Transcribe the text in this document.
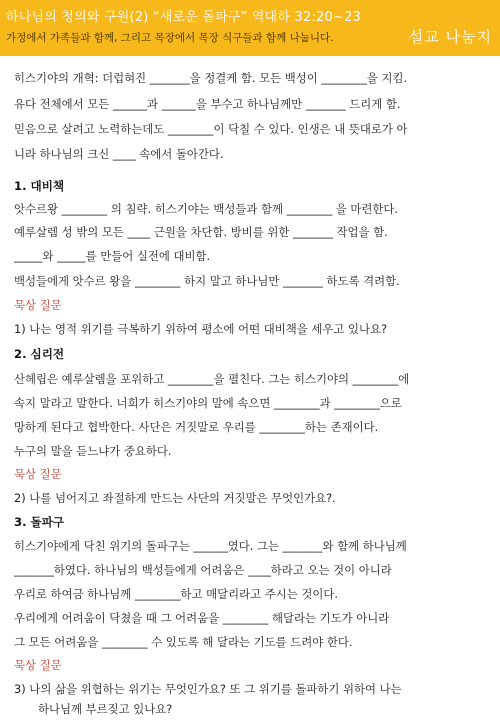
하나님의 청의와 구원(2) “새로운 돌파구” 역대하 32:20~23
가정에서 가족들과 함께, 그리고 목장에서 목장 식구들과 함께 나눕니다.	설교 나눔지
히스기야의 개혁: 더럽혀진 _______을 정결케 함. 모든 백성이 ________을 지킴.
유다 전체에서 모든 ______과 ______을 부수고 하나님께만 _______ 드리게 함.
믿음으로 살려고 노력하는데도 ________이 닥칠 수 있다. 인생은 내 뜻대로가 아
니라 하나님의 크신 ____ 속에서 돌아간다.
1. 대비책
앗수르왕 ________ 의 침략. 히스기야는 백성들과 함께 ________ 을 마련한다.
예루살렘 성 밖의 모든 ____ 근원을 차단함. 방비를 위한 _______ 작업을 함.
_____와 _____를 만들어 실전에 대비함.
백성들에게 앗수르 왕을 ________ 하지 말고 하나님만 _______ 하도록 격려함.
묵상 질문
1) 나는 영적 위기를 극복하기 위하여 평소에 어떤 대비책을 세우고 있나요?
2. 심리전
산헤립은 예루살렘을 포위하고 ________을 펼친다. 그는 히스기야의 ________에
속지 말라고 말한다. 너희가 히스기야의 말에 속으면 ________과 ________으로
망하게 된다고 협박한다. 사단은 거짓말로 우리를 ________하는 존재이다.
누구의 말을 듣느냐가 중요하다.
묵상 질문
2) 나를 넘어지고 좌절하게 만드는 사단의 거짓말은 무엇인가요?.
3. 돌파구
히스기야에게 닥친 위기의 돌파구는 ______였다. 그는 _______와 함께 하나님께
_______하였다. 하나님의 백성들에게 어려움은 ____하라고 오는 것이 아니라
우리로 하여금 하나님께 ________하고 매달리라고 주시는 것이다.
우리에게 어려움이 닥쳤을 때 그 어려움을 ________ 해달라는 기도가 아니라
그 모든 어려움을 ________ 수 있도록 해 달라는 기도를 드려야 한다.
묵상 질문
3) 나의 삶을 위협하는 위기는 무엇인가요? 또 그 위기를 돌파하기 위하여 나는
하나님께 부르짖고 있나요?
